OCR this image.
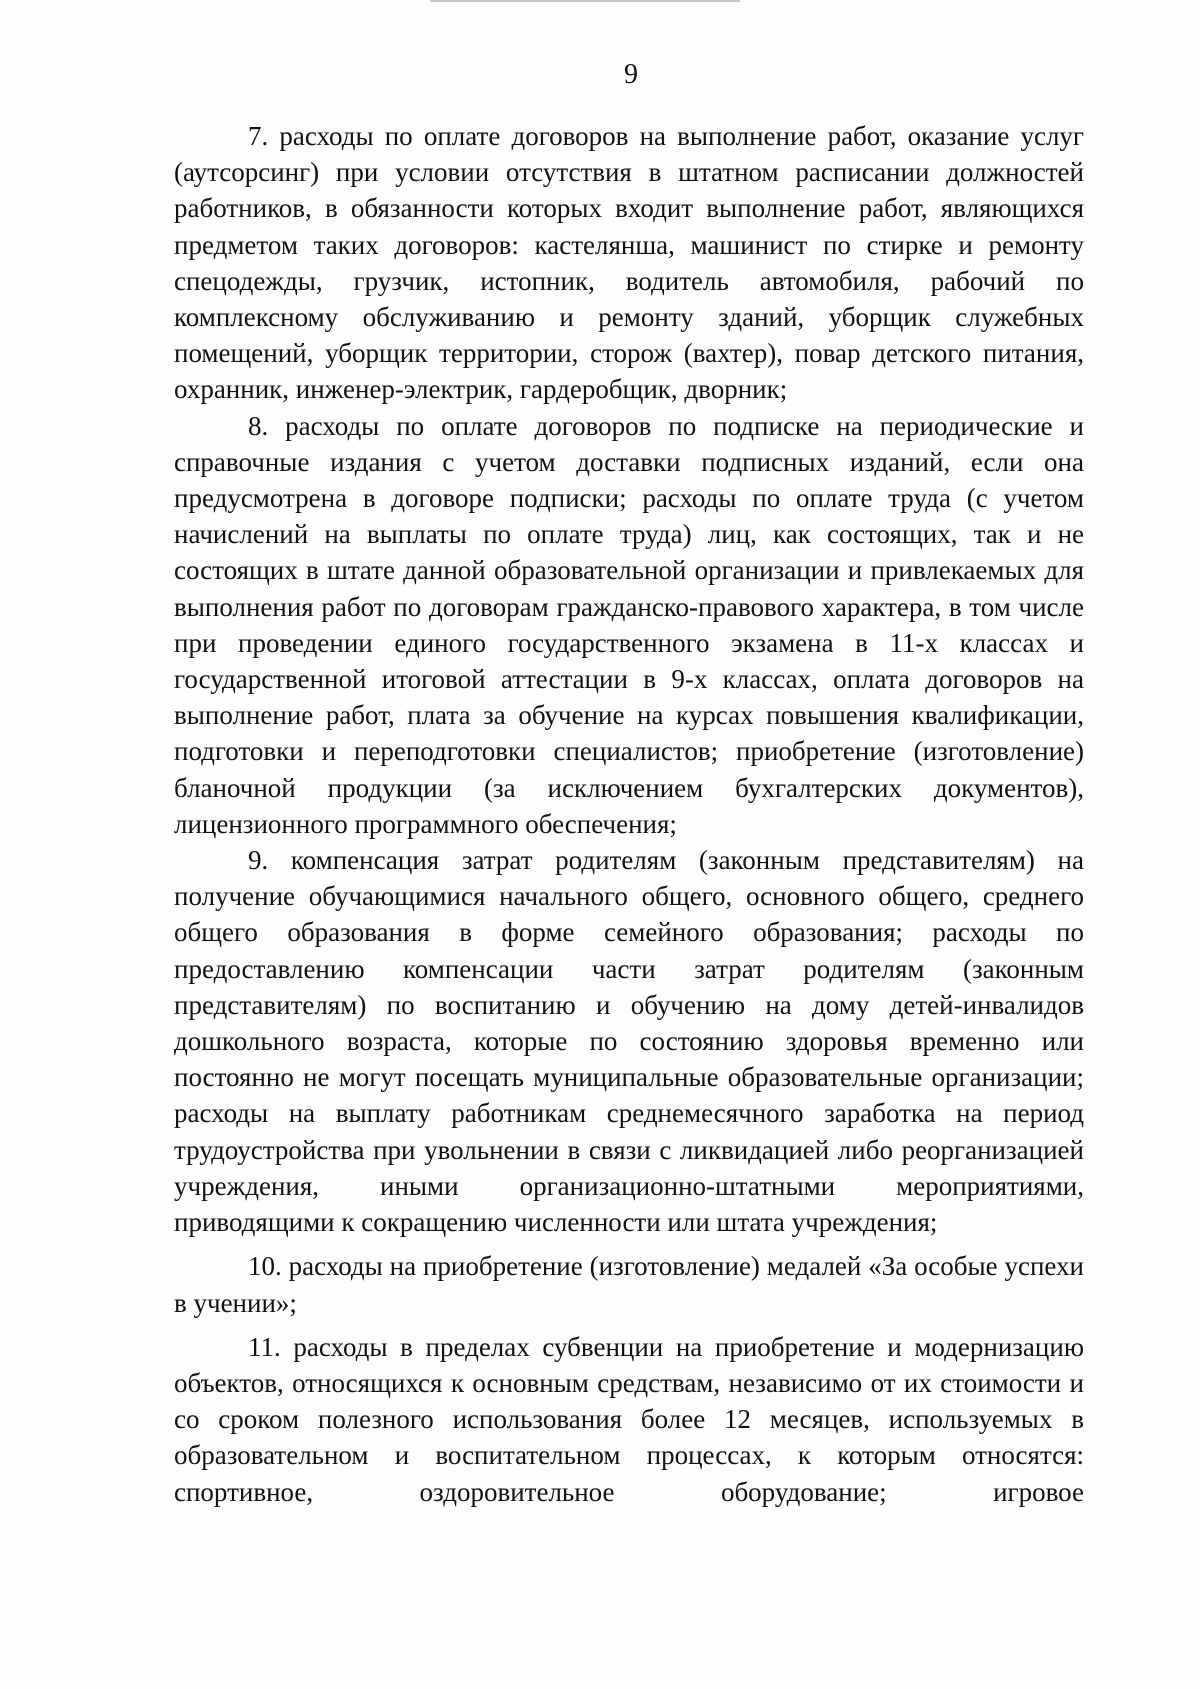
9

7. расходы по оплате договоров на выполнение работ, оказание услуг (аутсорсинг) при условии отсутствия в штатном расписании должностей работников, в обязанности которых входит выполнение работ, являющихся предметом таких договоров: кастелянша, машинист по стирке и ремонту спецодежды, грузчик, истопник, водитель автомобиля, рабочий по комплексному обслуживанию и ремонту зданий, уборщик служебных помещений, уборщик территории, сторож (вахтер), повар детского питания, охранник, инженер-электрик, гардеробщик, дворник;

8. расходы по оплате договоров по подписке на периодические и справочные издания с учетом доставки подписных изданий, если она предусмотрена в договоре подписки; расходы по оплате труда (с учетом начислений на выплаты по оплате труда) лиц, как состоящих, так и не состоящих в штате данной образовательной организации и привлекаемых для выполнения работ по договорам гражданско-правового характера, в том числе при проведении единого государственного экзамена в 11-х классах и государственной итоговой аттестации в 9-х классах, оплата договоров на выполнение работ, плата за обучение на курсах повышения квалификации, подготовки и переподготовки специалистов; приобретение (изготовление) бланочной продукции (за исключением бухгалтерских документов), лицензионного программного обеспечения;

9. компенсация затрат родителям (законным представителям) на получение обучающимися начального общего, основного общего, среднего общего образования в форме семейного образования; расходы по предоставлению компенсации части затрат родителям (законным представителям) по воспитанию и обучению на дому детей-инвалидов дошкольного возраста, которые по состоянию здоровья временно или постоянно не могут посещать муниципальные образовательные организации; расходы на выплату работникам среднемесячного заработка на период трудоустройства при увольнении в связи с ликвидацией либо реорганизацией учреждения, иными организационно-штатными мероприятиями, приводящими к сокращению численности или штата учреждения;

10. расходы на приобретение (изготовление) медалей «За особые успехи в учении»;

11. расходы в пределах субвенции на приобретение и модернизацию объектов, относящихся к основным средствам, независимо от их стоимости и со сроком полезного использования более 12 месяцев, используемых в образовательном и воспитательном процессах, к которым относятся: спортивное, оздоровительное оборудование; игровое
